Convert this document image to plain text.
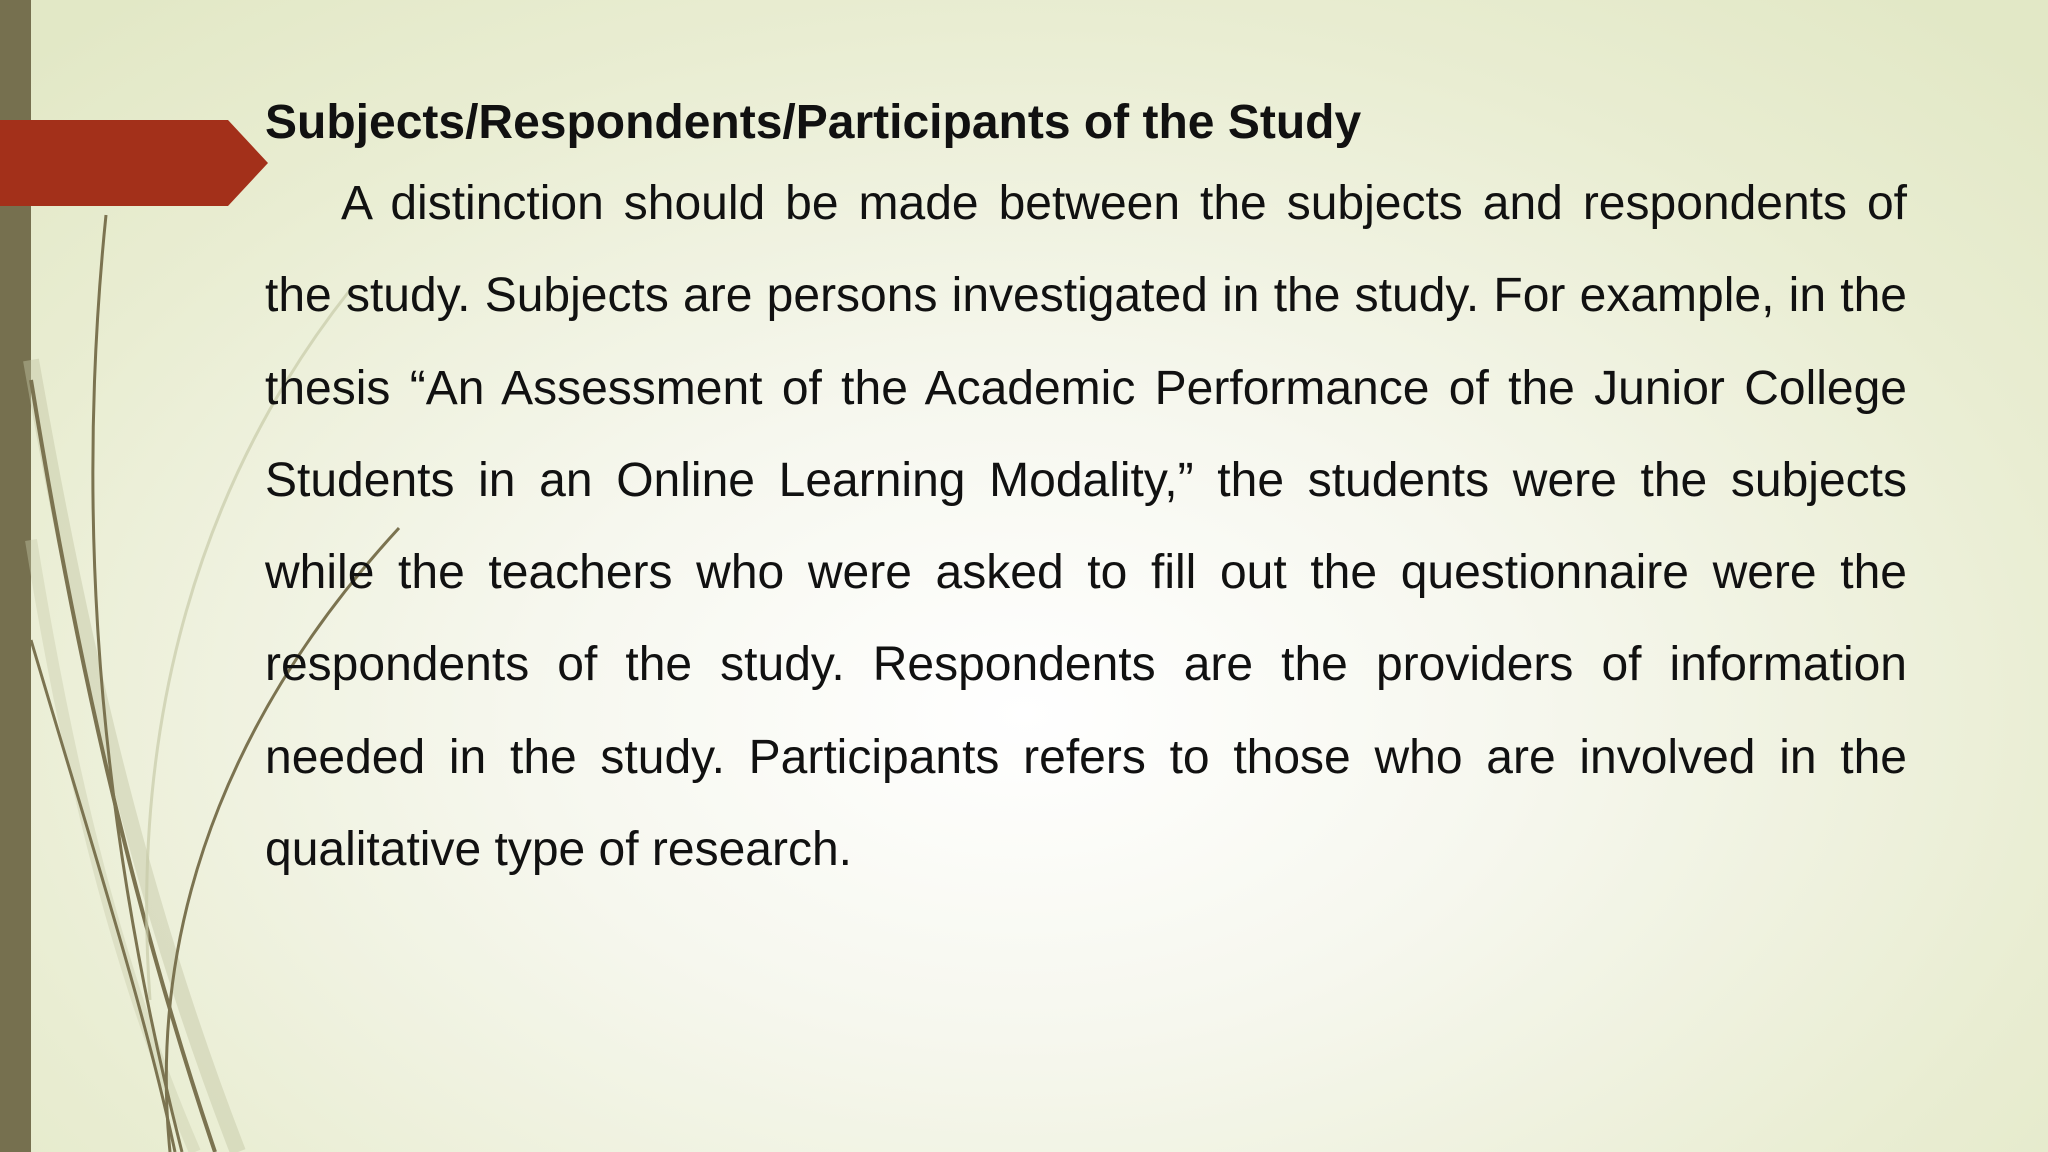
Subjects/Respondents/Participants of the Study

A distinction should be made between the subjects and respondents of the study. Subjects are persons investigated in the study. For example, in the thesis “An Assessment of the Academic Performance of the Junior College Students in an Online Learning Modality,” the students were the subjects while the teachers who were asked to fill out the questionnaire were the respondents of the study. Respondents are the providers of information needed in the study. Participants refers to those who are involved in the qualitative type of research.
